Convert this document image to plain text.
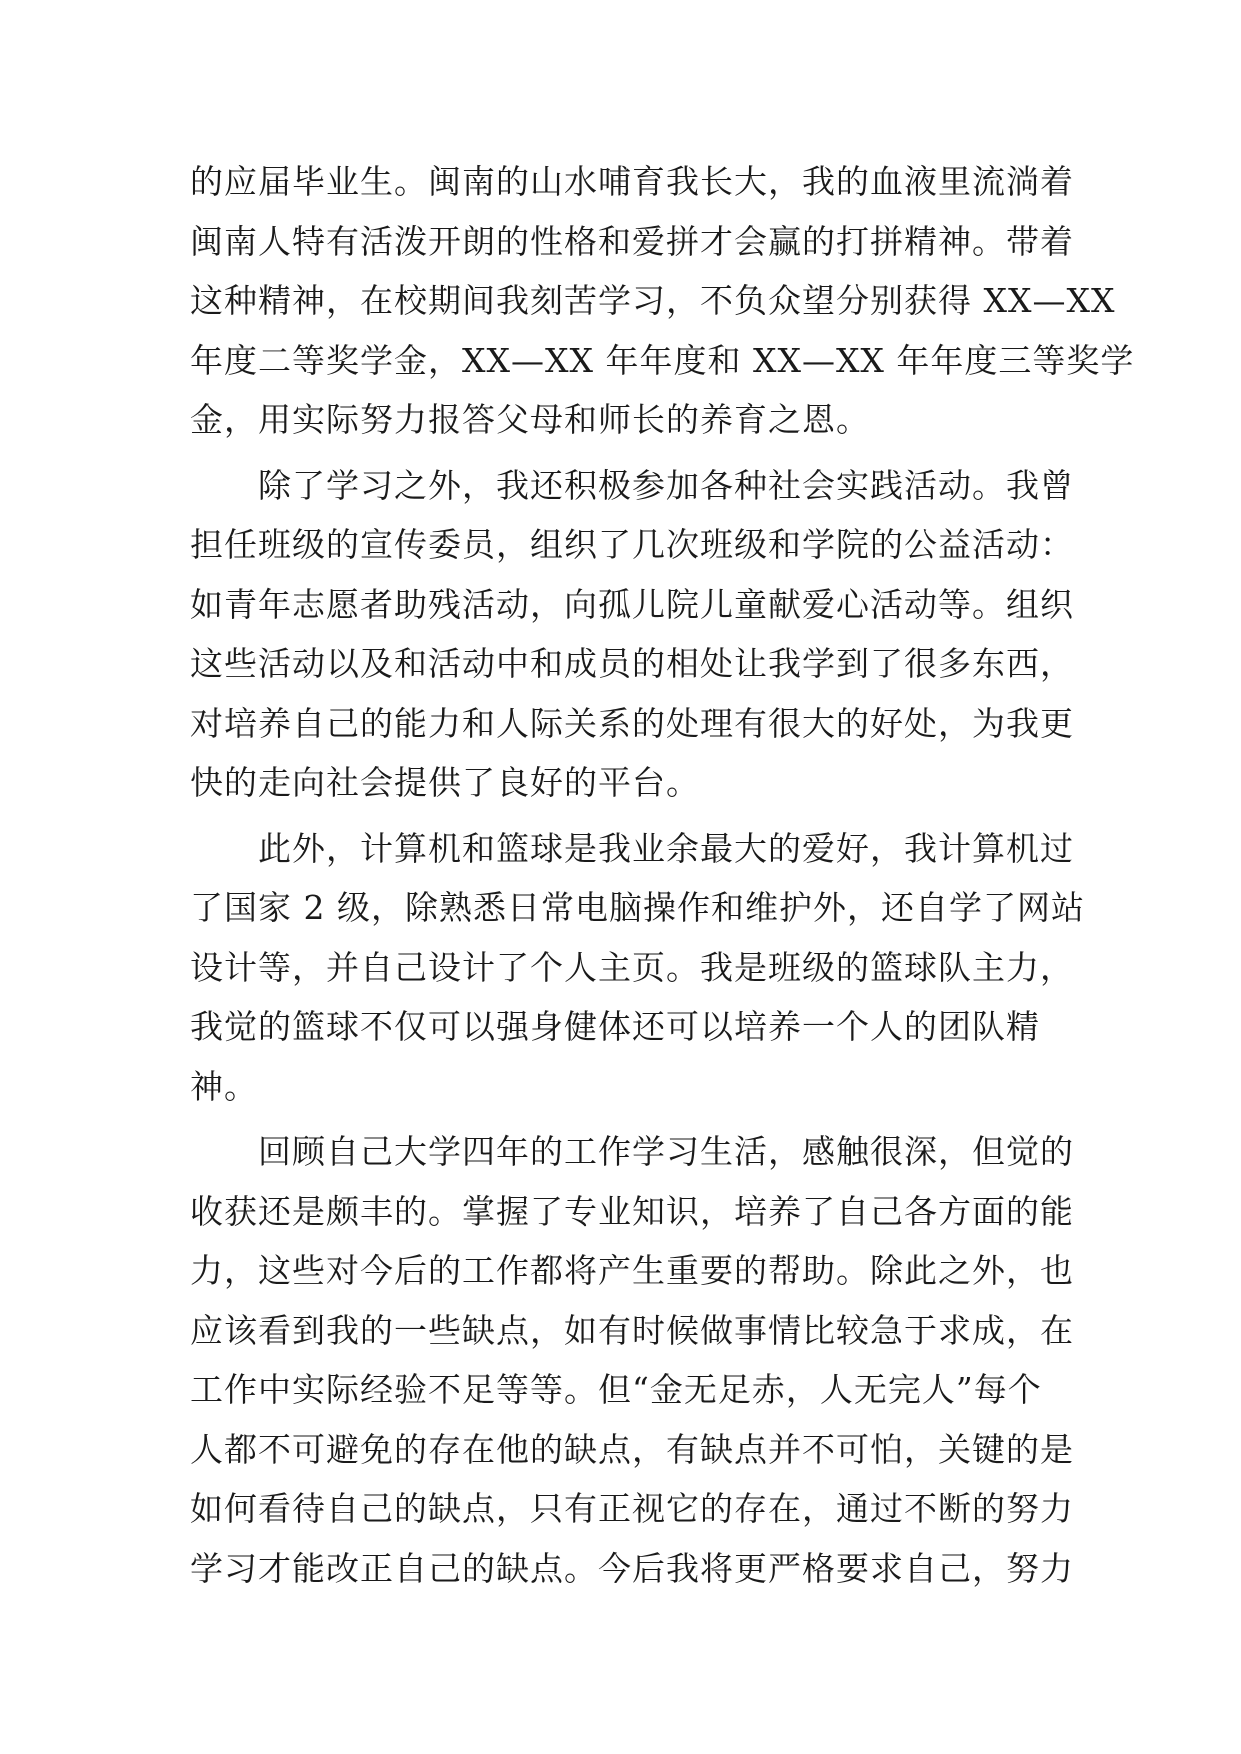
的应届毕业生。闽南的山水哺育我长大，我的血液里流淌着
闽南人特有活泼开朗的性格和爱拼才会赢的打拼精神。带着
这种精神，在校期间我刻苦学习，不负众望分别获得 XX—XX
年度二等奖学金，XX—XX 年年度和 XX—XX 年年度三等奖学
金，用实际努力报答父母和师长的养育之恩。
　　除了学习之外，我还积极参加各种社会实践活动。我曾
担任班级的宣传委员，组织了几次班级和学院的公益活动：
如青年志愿者助残活动，向孤儿院儿童献爱心活动等。组织
这些活动以及和活动中和成员的相处让我学到了很多东西，
对培养自己的能力和人际关系的处理有很大的好处，为我更
快的走向社会提供了良好的平台。
　　此外，计算机和篮球是我业余最大的爱好，我计算机过
了国家 2 级，除熟悉日常电脑操作和维护外，还自学了网站
设计等，并自己设计了个人主页。我是班级的篮球队主力，
我觉的篮球不仅可以强身健体还可以培养一个人的团队精
神。
　　回顾自己大学四年的工作学习生活，感触很深，但觉的
收获还是颇丰的。掌握了专业知识，培养了自己各方面的能
力，这些对今后的工作都将产生重要的帮助。除此之外，也
应该看到我的一些缺点，如有时候做事情比较急于求成，在
工作中实际经验不足等等。但“金无足赤，人无完人”每个
人都不可避免的存在他的缺点，有缺点并不可怕，关键的是
如何看待自己的缺点，只有正视它的存在，通过不断的努力
学习才能改正自己的缺点。今后我将更严格要求自己，努力
